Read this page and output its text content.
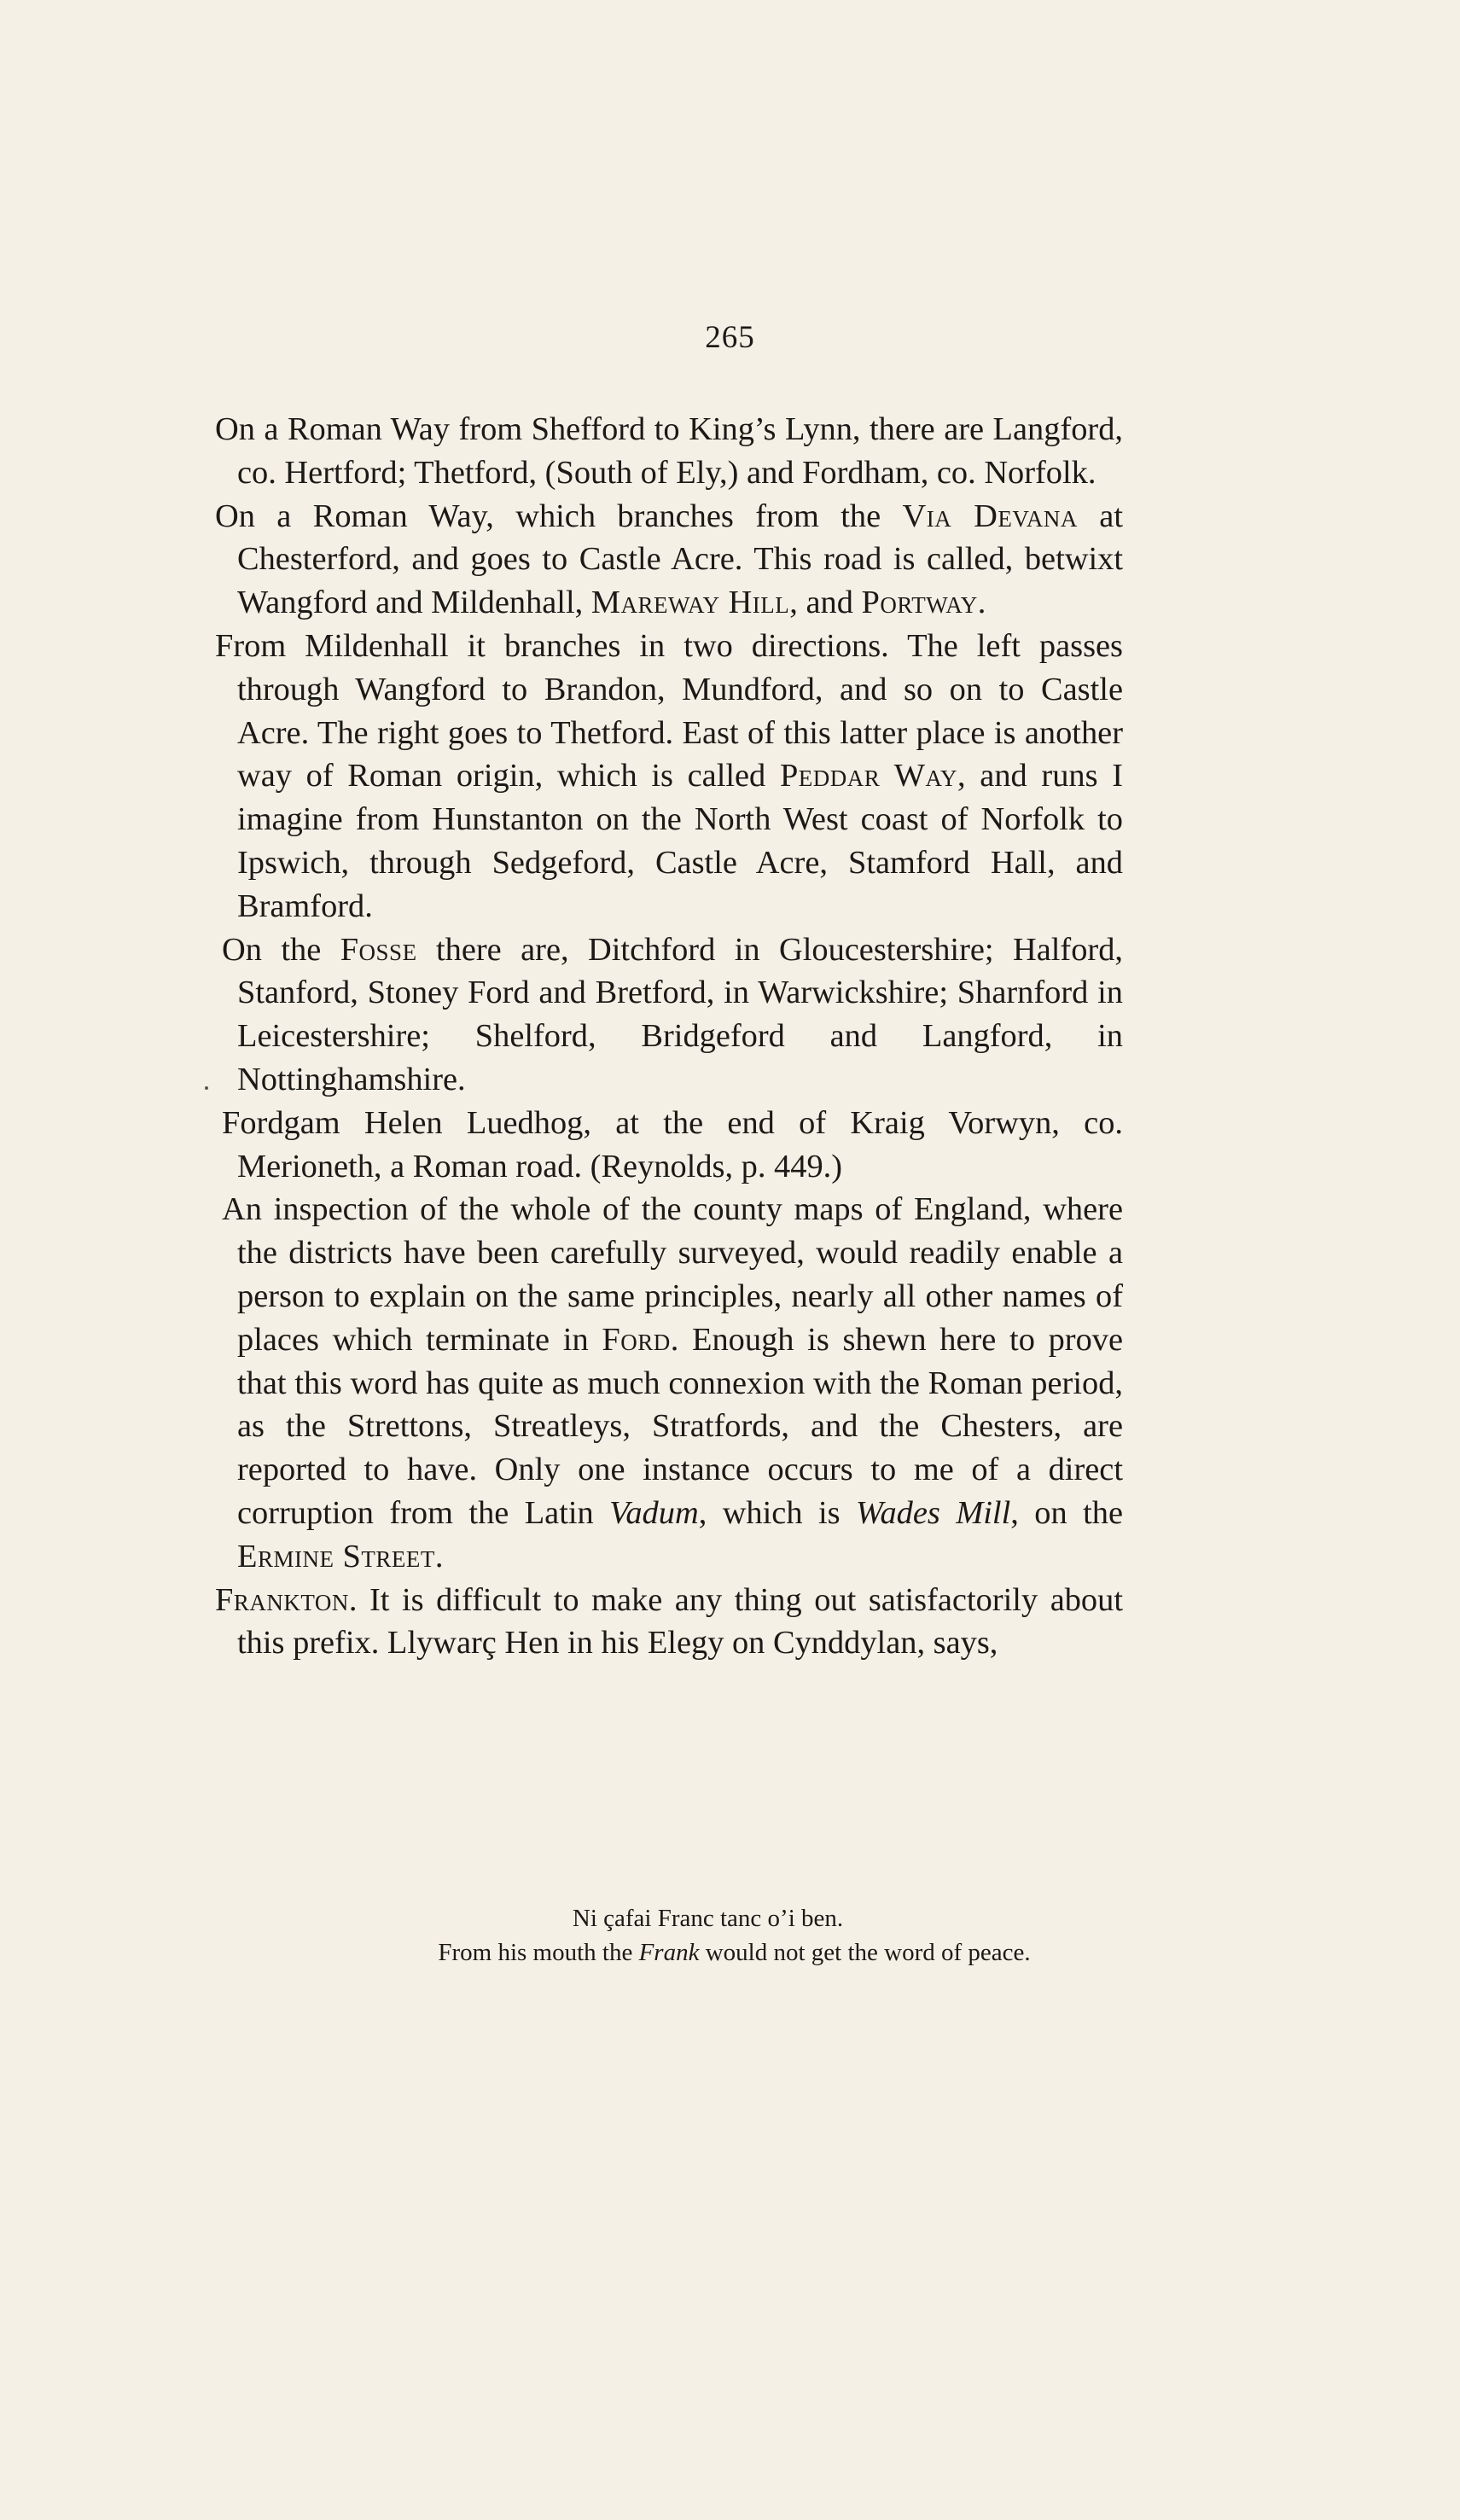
265

On a Roman Way from Shefford to King’s Lynn, there are Langford, co. Hertford; Thetford, (South of Ely,) and Fordham, co. Norfolk.

On a Roman Way, which branches from the Via Devana at Chesterford, and goes to Castle Acre. This road is called, betwixt Wangford and Mildenhall, Mareway Hill, and Portway.

From Mildenhall it branches in two directions. The left passes through Wangford to Brandon, Mundford, and so on to Castle Acre. The right goes to Thetford. East of this latter place is another way of Roman origin, which is called Peddar Way, and runs I imagine from Hunstanton on the North West coast of Norfolk to Ipswich, through Sedgeford, Castle Acre, Stamford Hall, and Bramford.

On the Fosse there are, Ditchford in Gloucestershire; Halford, Stanford, Stoney Ford and Bretford, in Warwickshire; Sharnford in Leicestershire; Shelford, Bridgeford and Langford, in Nottinghamshire.

Fordgam Helen Luedhog, at the end of Kraig Vorwyn, co. Merioneth, a Roman road. (Reynolds, p. 449.)

An inspection of the whole of the county maps of England, where the districts have been carefully surveyed, would readily enable a person to explain on the same principles, nearly all other names of places which terminate in Ford. Enough is shewn here to prove that this word has quite as much connexion with the Roman period, as the Strettons, Streatleys, Stratfords, and the Chesters, are reported to have. Only one instance occurs to me of a direct corruption from the Latin Vadum, which is Wades Mill, on the Ermine Street.

Frankton. It is difficult to make any thing out satisfactorily about this prefix. Llywarç Hen in his Elegy on Cynddylan, says,

Ni çafai Franc tanc o’i ben.

From his mouth the Frank would not get the word of peace.
